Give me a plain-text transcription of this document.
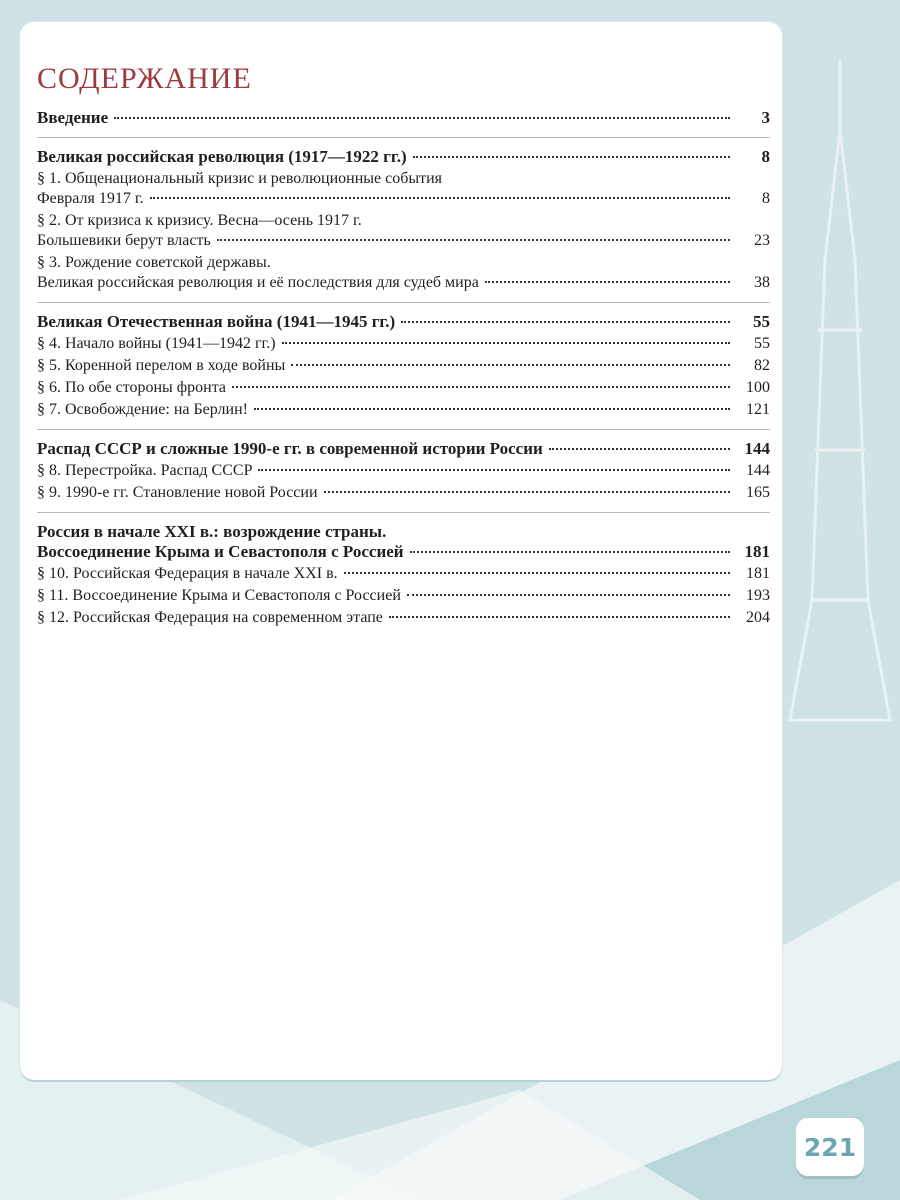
СОДЕРЖАНИЕ
Введение	3
Великая российская революция (1917—1922 гг.)	8
§ 1. Общенациональный кризис и революционные события
Февраля 1917 г.	8
§ 2. От кризиса к кризису. Весна—осень 1917 г.
Большевики берут власть	23
§ 3. Рождение советской державы.
Великая российская революция и её последствия для судеб мира	38
Великая Отечественная война (1941—1945 гг.)	55
§ 4. Начало войны (1941—1942 гг.)	55
§ 5. Коренной перелом в ходе войны	82
§ 6. По обе стороны фронта	100
§ 7. Освобождение: на Берлин!	121
Распад СССР и сложные 1990-е гг. в современной истории России	144
§ 8. Перестройка. Распад СССР	144
§ 9. 1990-е гг. Становление новой России	165
Россия в начале XXI в.: возрождение страны.
Воссоединение Крыма и Севастополя с Россией	181
§ 10. Российская Федерация в начале XXI в.	181
§ 11. Воссоединение Крыма и Севастополя с Россией	193
§ 12. Российская Федерация на современном этапе	204
221
